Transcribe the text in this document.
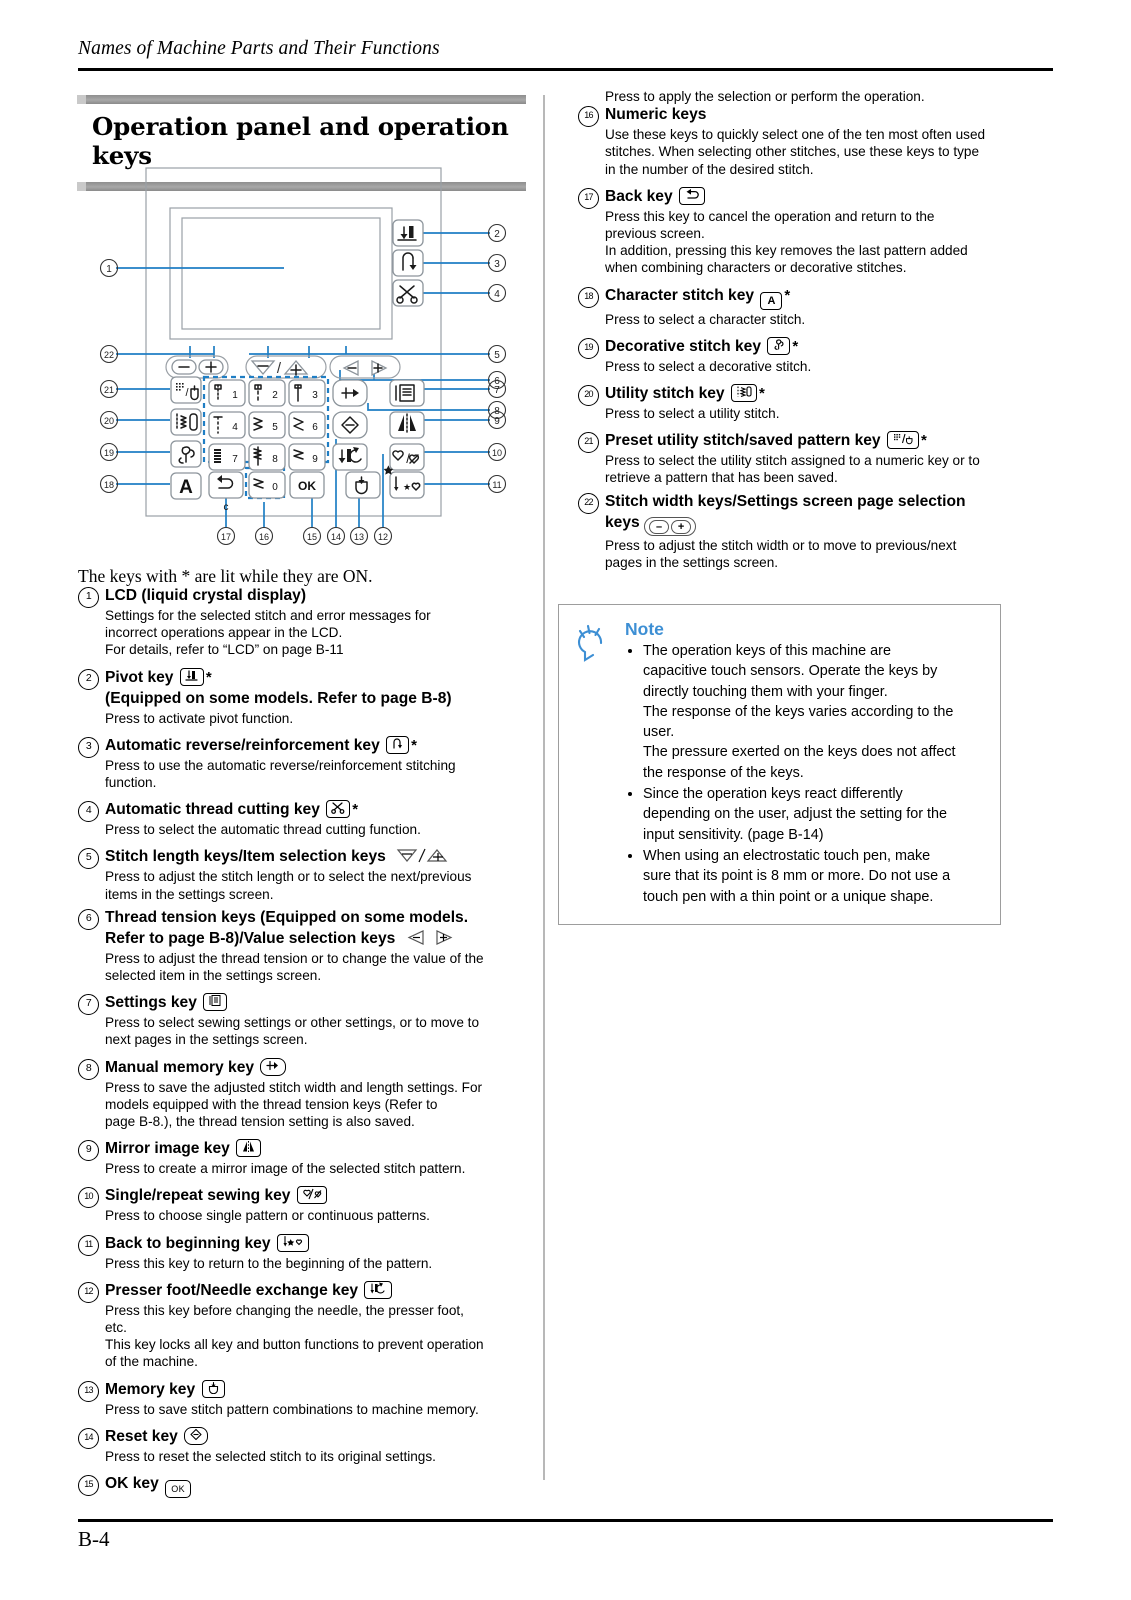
Names of Machine Parts and Their Functions
Operation panel and operation keys
1
2
3
4
5
6
7
8
9
10
11
22
21
20
19
18
17	16	15 14 13 12
/
/
A
1	2	3
4	5	6
7	8	9
0
/
★
c
OK
The keys with * are lit while they are ON.
1 LCD (liquid crystal display)
Settings for the selected stitch and error messages for
incorrect operations appear in the LCD.
For details, refer to “LCD” on page B-11
2 Pivot key *
(Equipped on some models. Refer to page B-8)
Press to activate pivot function.
3 Automatic reverse/reinforcement key *
Press to use the automatic reverse/reinforcement stitching
function.
4 Automatic thread cutting key *
Press to select the automatic thread cutting function.
5 Stitch length keys/Item selection keys
Press to adjust the stitch length or to select the next/previous
items in the settings screen.
6 Thread tension keys (Equipped on some models.
Refer to page B-8)/Value selection keys
Press to adjust the thread tension or to change the value of the
selected item in the settings screen.
7 Settings key
Press to select sewing settings or other settings, or to move to
next pages in the settings screen.
8 Manual memory key
Press to save the adjusted stitch width and length settings. For
models equipped with the thread tension keys (Refer to
page B-8.), the thread tension setting is also saved.
9 Mirror image key
Press to create a mirror image of the selected stitch pattern.
10 Single/repeat sewing key
Press to choose single pattern or continuous patterns.
11 Back to beginning key
Press this key to return to the beginning of the pattern.
12 Presser foot/Needle exchange key
Press this key before changing the needle, the presser foot,
etc.
This key locks all key and button functions to prevent operation
of the machine.
13 Memory key
Press to save stitch pattern combinations to machine memory.
14 Reset key
Press to reset the selected stitch to its original settings.
15 OK key OK
Press to apply the selection or perform the operation.
16 Numeric keys
Use these keys to quickly select one of the ten most often used
stitches. When selecting other stitches, use these keys to type
in the number of the desired stitch.
17 Back key
Press this key to cancel the operation and return to the
previous screen.
In addition, pressing this key removes the last pattern added
when combining characters or decorative stitches.
18 Character stitch key A *
Press to select a character stitch.
19 Decorative stitch key *
Press to select a decorative stitch.
20 Utility stitch key *
Press to select a utility stitch.
21 Preset utility stitch/saved pattern key	*
Press to select the utility stitch assigned to a numeric key or to
retrieve a pattern that has been saved.
22 Stitch width keys/Settings screen page selection
keys – +
Press to adjust the stitch width or to move to previous/next
pages in the settings screen.
Note
• The operation keys of this machine are
capacitive touch sensors. Operate the keys by
directly touching them with your finger.
The response of the keys varies according to the
user.
The pressure exerted on the keys does not affect
the response of the keys.
• Since the operation keys react differently
depending on the user, adjust the setting for the
input sensitivity. (page B-14)
• When using an electrostatic touch pen, make
sure that its point is 8 mm or more. Do not use a
touch pen with a thin point or a unique shape.
B-4
